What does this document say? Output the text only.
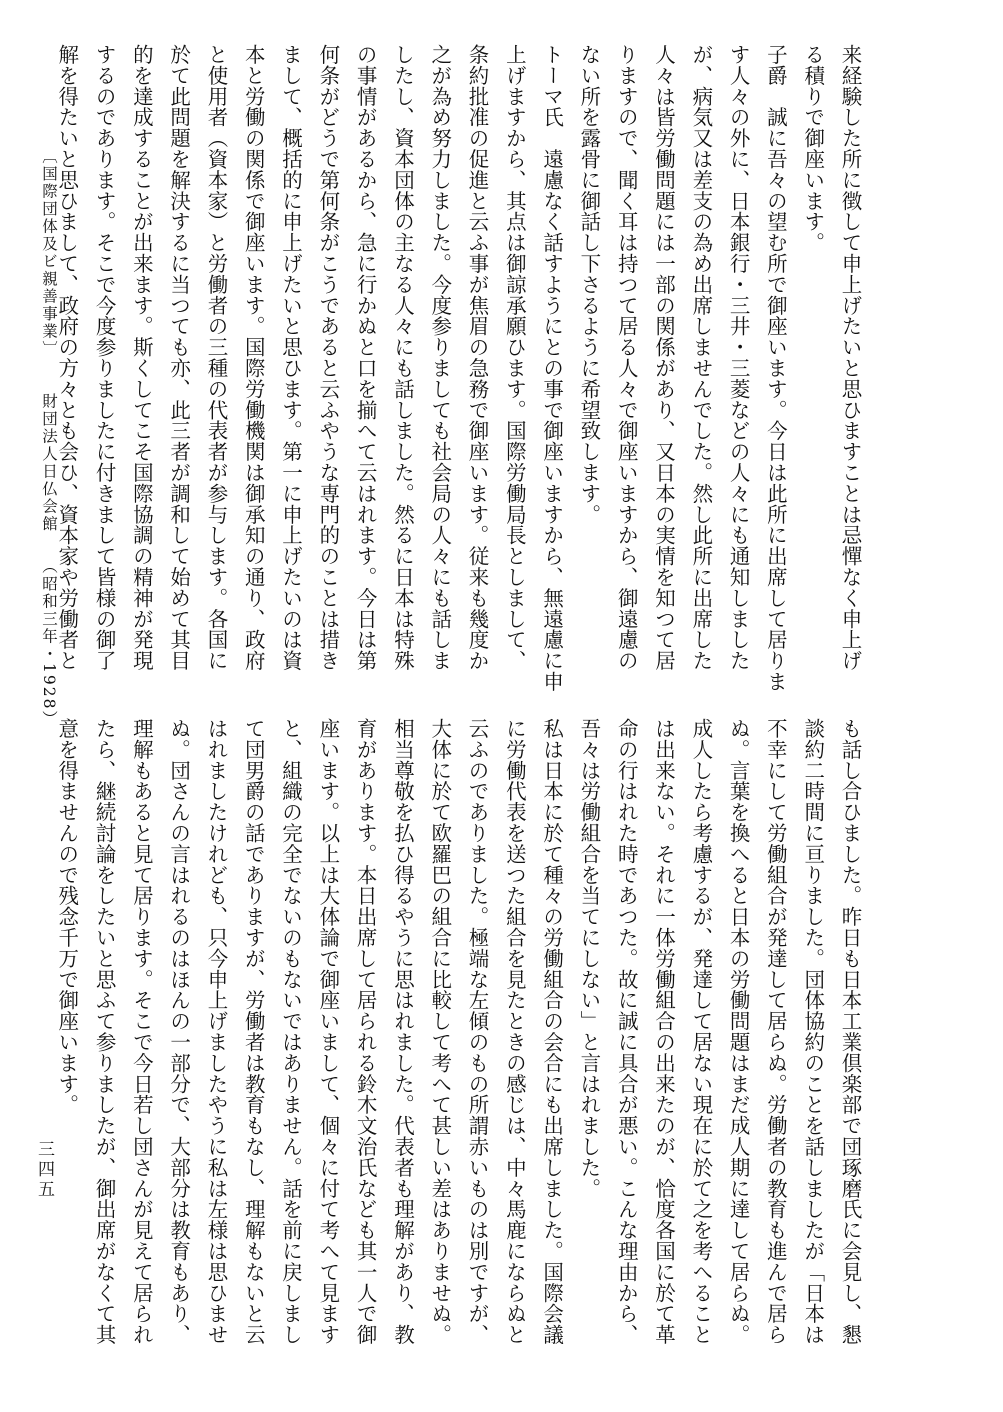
来経験した所に徴して申上げたいと思ひますことは忌憚なく申上げ

る積りで御座います。

子爵　誠に吾々の望む所で御座います。今日は此所に出席して居りま

す人々の外に、日本銀行・三井・三菱などの人々にも通知しました

が、病気又は差支の為め出席しませんでした。然し此所に出席した

人々は皆労働問題には一部の関係があり、又日本の実情を知つて居

りますので、聞く耳は持つて居る人々で御座いますから、御遠慮の

ない所を露骨に御話し下さるように希望致します。

トーマ氏　遠慮なく話すようにとの事で御座いますから、無遠慮に申

上げますから、其点は御諒承願ひます。国際労働局長としまして、

条約批准の促進と云ふ事が焦眉の急務で御座います。従来も幾度か

之が為め努力しました。今度参りましても社会局の人々にも話しま

したし、資本団体の主なる人々にも話しました。然るに日本は特殊

の事情があるから、急に行かぬと口を揃へて云はれます。今日は第

何条がどうで第何条がこうであると云ふやうな専門的のことは措き

まして、概括的に申上げたいと思ひます。第一に申上げたいのは資

本と労働の関係で御座います。国際労働機関は御承知の通り、政府

と使用者（資本家）と労働者の三種の代表者が参与します。各国に

於て此問題を解決するに当つても亦、此三者が調和して始めて其目

的を達成することが出来ます。斯くしてこそ国際協調の精神が発現

するのであります。そこで今度参りましたに付きまして皆様の御了

解を得たいと思ひまして、政府の方々とも会ひ、資本家や労働者と

も話し合ひました。昨日も日本工業倶楽部で団琢磨氏に会見し、懇

談約二時間に亘りました。団体協約のことを話しましたが「日本は

不幸にして労働組合が発達して居らぬ。労働者の教育も進んで居ら

ぬ。言葉を換へると日本の労働問題はまだ成人期に達して居らぬ。

成人したら考慮するが、発達して居ない現在に於て之を考へること

は出来ない。それに一体労働組合の出来たのが、恰度各国に於て革

命の行はれた時であつた。故に誠に具合が悪い。こんな理由から、

吾々は労働組合を当てにしない」と言はれました。

私は日本に於て種々の労働組合の会合にも出席しました。国際会議

に労働代表を送つた組合を見たときの感じは、中々馬鹿にならぬと

云ふのでありました。極端な左傾のもの所謂赤いものは別ですが、

大体に於て欧羅巴の組合に比較して考へて甚しい差はありませぬ。

相当尊敬を払ひ得るやうに思はれました。代表者も理解があり、教

育があります。本日出席して居られる鈴木文治氏なども其一人で御

座います。以上は大体論で御座いまして、個々に付て考へて見ます

と、組織の完全でないのもないではありません。話を前に戻しまし

て団男爵の話でありますが、労働者は教育もなし、理解もないと云

はれましたけれども、只今申上げましたやうに私は左様は思ひませ

ぬ。団さんの言はれるのはほんの一部分で、大部分は教育もあり、

理解もあると見て居ります。そこで今日若し団さんが見えて居られ

たら、継続討論をしたいと思ふて参りましたが、御出席がなくて其

意を得ませんので残念千万で御座います。

〔国際団体及ビ親善事業〕 財団法人日仏会館 （昭和三年・1928）
三四五
